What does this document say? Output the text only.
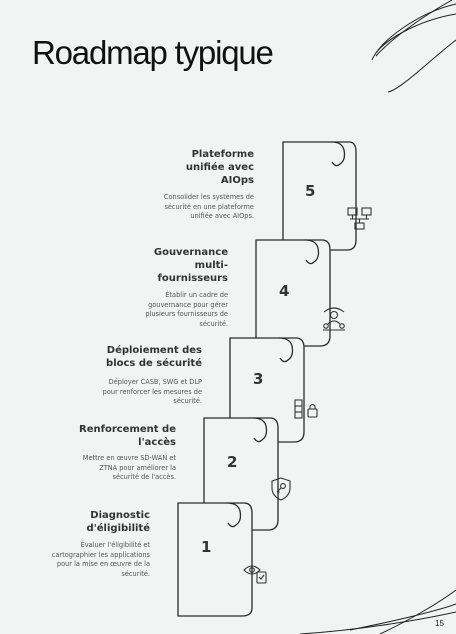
Roadmap typique
5
4
3
2
1
Plateforme unifiée avec AIOps
Gouvernance multi-fournisseurs
Déploiement des blocs de sécurité
Renforcement de l'accès
Diagnostic d'éligibilité
Consolider les systèmes de sécurité en une plateforme unifiée avec AIOps.
Établir un cadre de gouvernance pour gérer plusieurs fournisseurs de sécurité.
Déployer CASB, SWG et DLP pour renforcer les mesures de sécurité.
Mettre en œuvre SD-WAN et ZTNA pour améliorer la sécurité de l'accès.
Évaluer l'éligibilité et cartographier les applications pour la mise en œuvre de la sécurité.
15
